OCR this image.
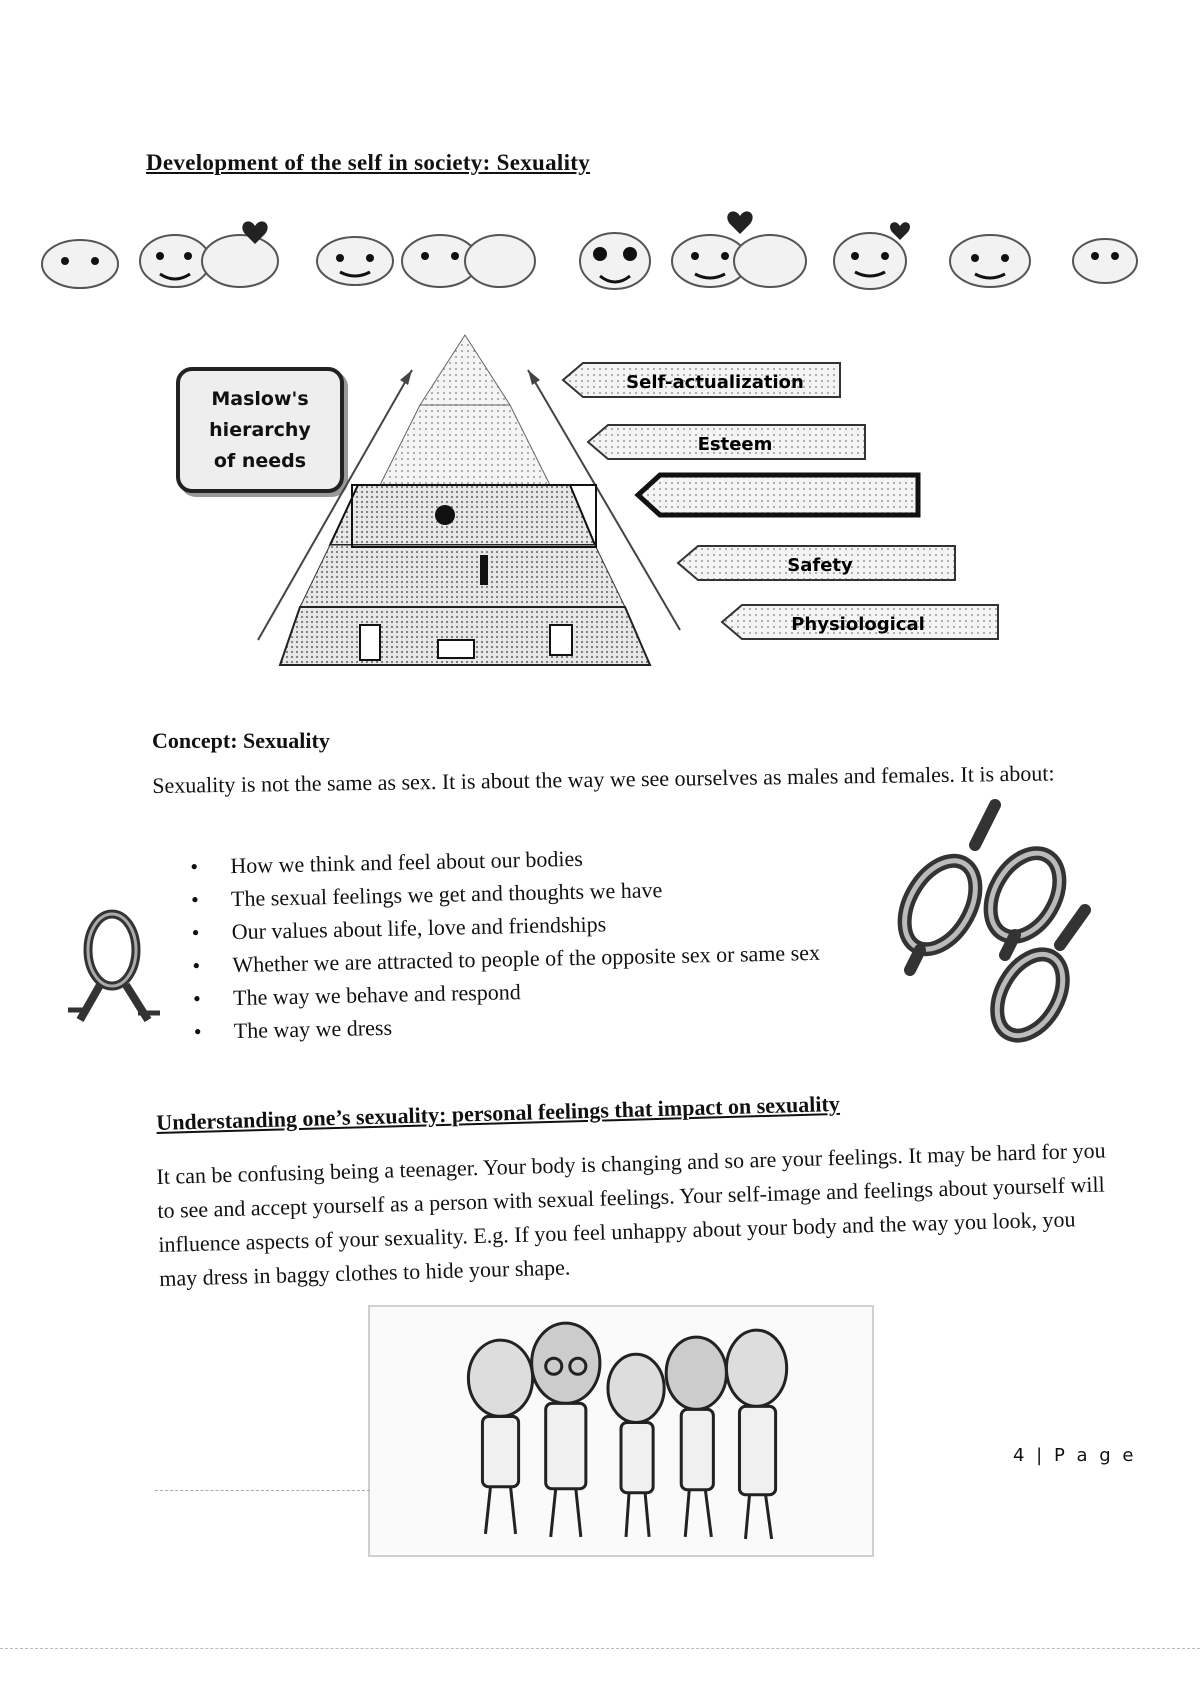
Development of the self in society: Sexuality
Maslow's
hierarchy
of needs
Self-actualization
Esteem
Safety
Physiological
Concept: Sexuality
Sexuality is not the same as sex. It is about the way we see ourselves as males and females. It is about:
• How we think and feel about our bodies
• The sexual feelings we get and thoughts we have
• Our values about life, love and friendships
• Whether we are attracted to people of the opposite sex or same sex
• The way we behave and respond
• The way we dress
Understanding one’s sexuality: personal feelings that impact on sexuality
It can be confusing being a teenager. Your body is changing and so are your feelings. It may be hard for you to see and accept yourself as a person with sexual feelings. Your self-image and feelings about yourself will influence aspects of your sexuality. E.g. If you feel unhappy about your body and the way you look, you may dress in baggy clothes to hide your shape.
4 | P a g e
